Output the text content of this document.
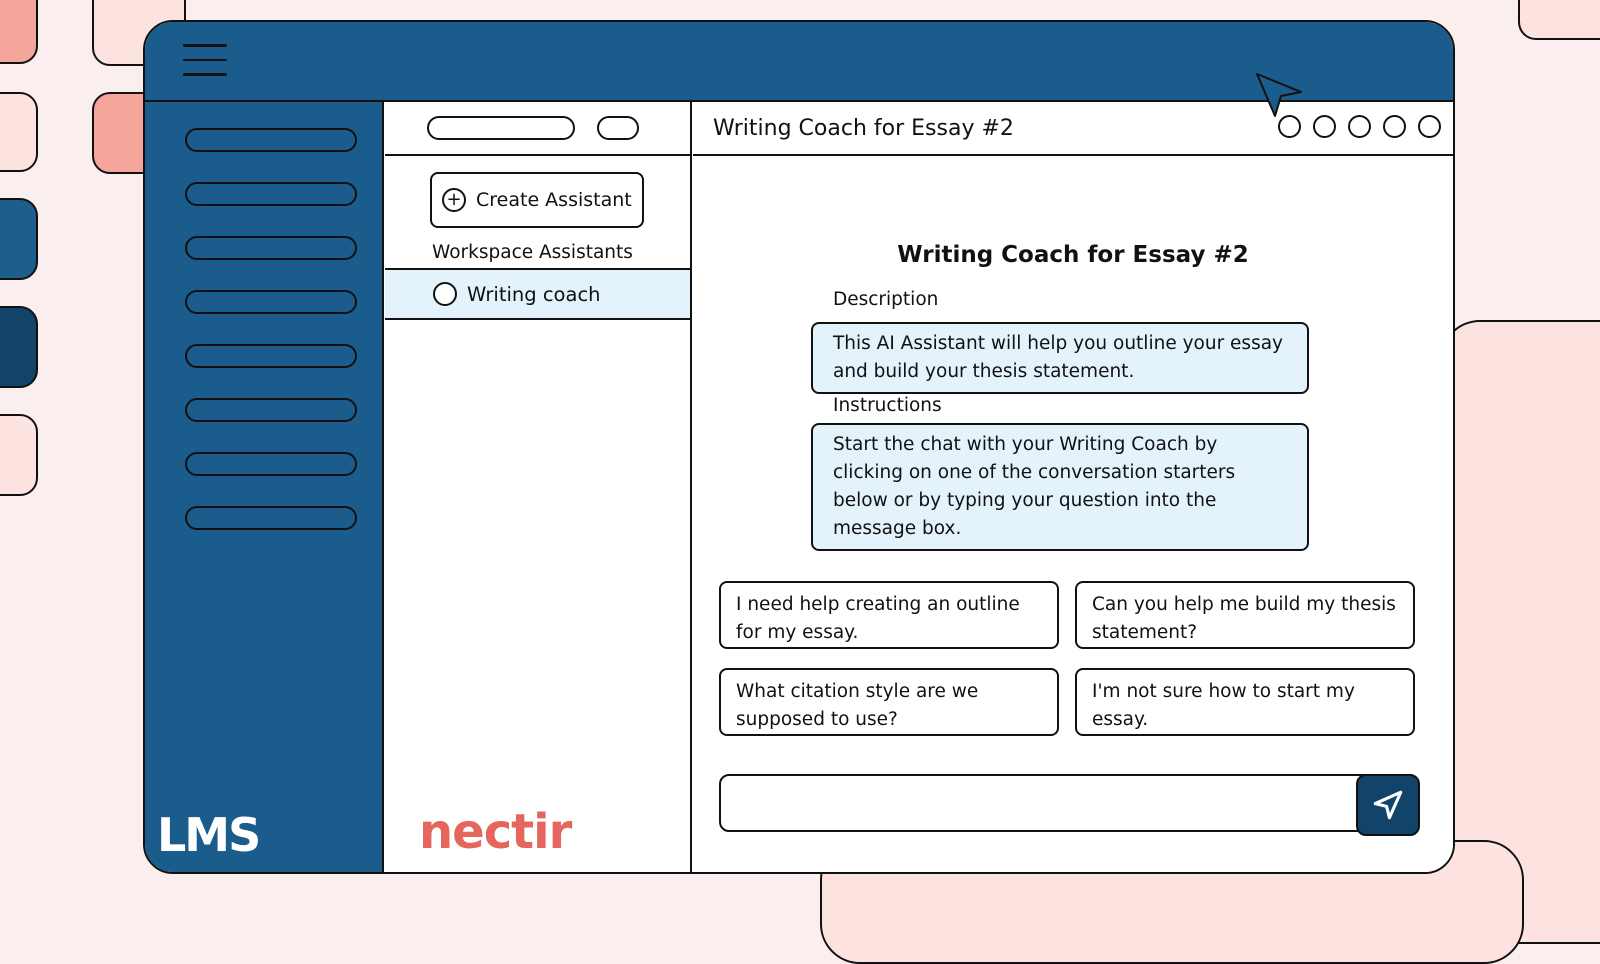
LMS
+ Create Assistant
Workspace Assistants
Writing coach
nectir
Writing Coach for Essay #2
Writing Coach for Essay #2
Description
This AI Assistant will help you outline your essay and build your thesis statement.
Instructions
Start the chat with your Writing Coach by clicking on one of the conversation starters below or by typing your question into the message box.
I need help creating an outline for my essay.
Can you help me build my thesis statement?
What citation style are we supposed to use?
I'm not sure how to start my essay.
